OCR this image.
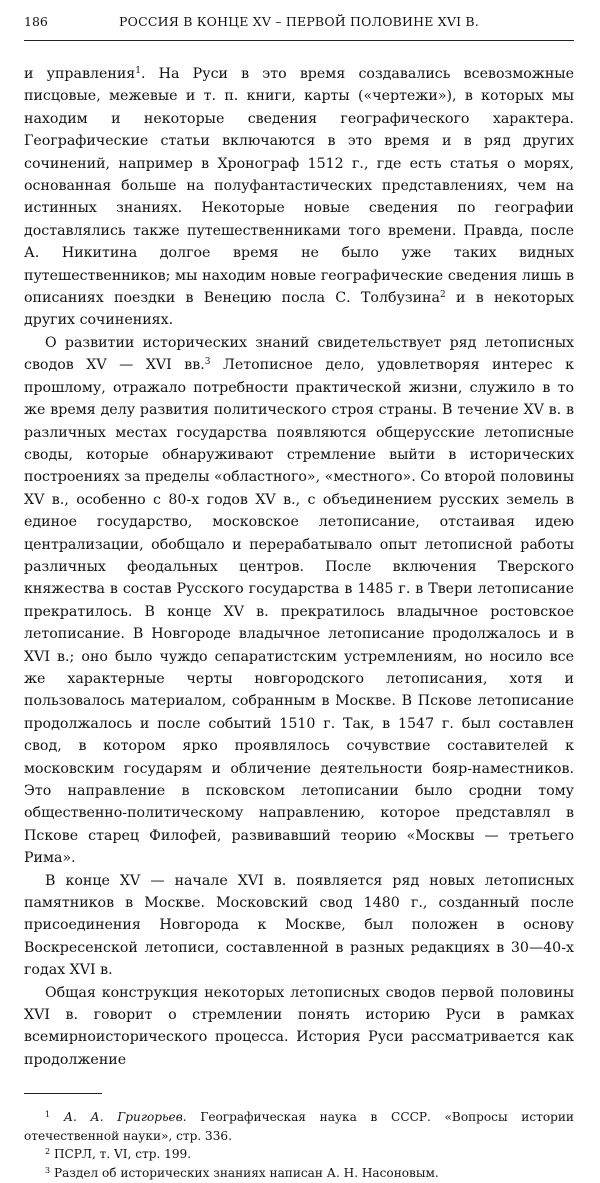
186	РОССИЯ В КОНЦЕ XV – ПЕРВОЙ ПОЛОВИНЕ XVI В.

и управления$^1$. На Руси в это время создавались всевозможные писцовые, межевые и т. п. книги, карты («чертежи»), в которых мы находим и некоторые сведения географического характера. Географические статьи включаются в это время и в ряд других сочинений, например в Хронограф 1512 г., где есть статья о морях, основанная больше на полуфантастических представлениях, чем на истинных знаниях. Некоторые новые сведения по географии доставлялись также путешественниками того времени. Правда, после А. Никитина долгое время не было уже таких видных путешественников; мы находим новые географические сведения лишь в описаниях поездки в Венецию посла С. Толбузина$^2$ и в некоторых других сочинениях.

О развитии исторических знаний свидетельствует ряд летописных сводов XV — XVI вв.$^3$ Летописное дело, удовлетворяя интерес к прошлому, отражало потребности практической жизни, служило в то же время делу развития политического строя страны. В течение XV в. в различных местах государства появляются общерусские летописные своды, которые обнаруживают стремление выйти в исторических построениях за пределы «областного», «местного». Со второй половины XV в., особенно с 80-х годов XV в., с объединением русских земель в единое государство, московское летописание, отстаивая идею централизации, обобщало и перерабатывало опыт летописной работы различных феодальных центров. После включения Тверского княжества в состав Русского государства в 1485 г. в Твери летописание прекратилось. В конце XV в. прекратилось владычное ростовское летописание. В Новгороде владычное летописание продолжалось и в XVI в.; оно было чуждо сепаратистским устремлениям, но носило все же характерные черты новгородского летописания, хотя и пользовалось материалом, собранным в Москве. В Пскове летописание продолжалось и после событий 1510 г. Так, в 1547 г. был составлен свод, в котором ярко проявлялось сочувствие составителей к московским государям и обличение деятельности бояр-наместников. Это направление в псковском летописании было сродни тому общественно-политическому направлению, которое представлял в Пскове старец Филофей, развивавший теорию «Москвы — третьего Рима».

В конце XV — начале XVI в. появляется ряд новых летописных памятников в Москве. Московский свод 1480 г., созданный после присоединения Новгорода к Москве, был положен в основу Воскресенской летописи, составленной в разных редакциях в 30—40-х годах XVI в.

Общая конструкция некоторых летописных сводов первой половины XVI в. говорит о стремлении понять историю Руси в рамках всемирноисторического процесса. История Руси рассматривается как продолжение

$^1$ А. А. Григорьев. Географическая наука в СССР. «Вопросы истории отечественной науки», стр. 336.

$^2$ ПСРЛ, т. VI, стр. 199.

$^3$ Раздел об исторических знаниях написан А. Н. Насоновым.
